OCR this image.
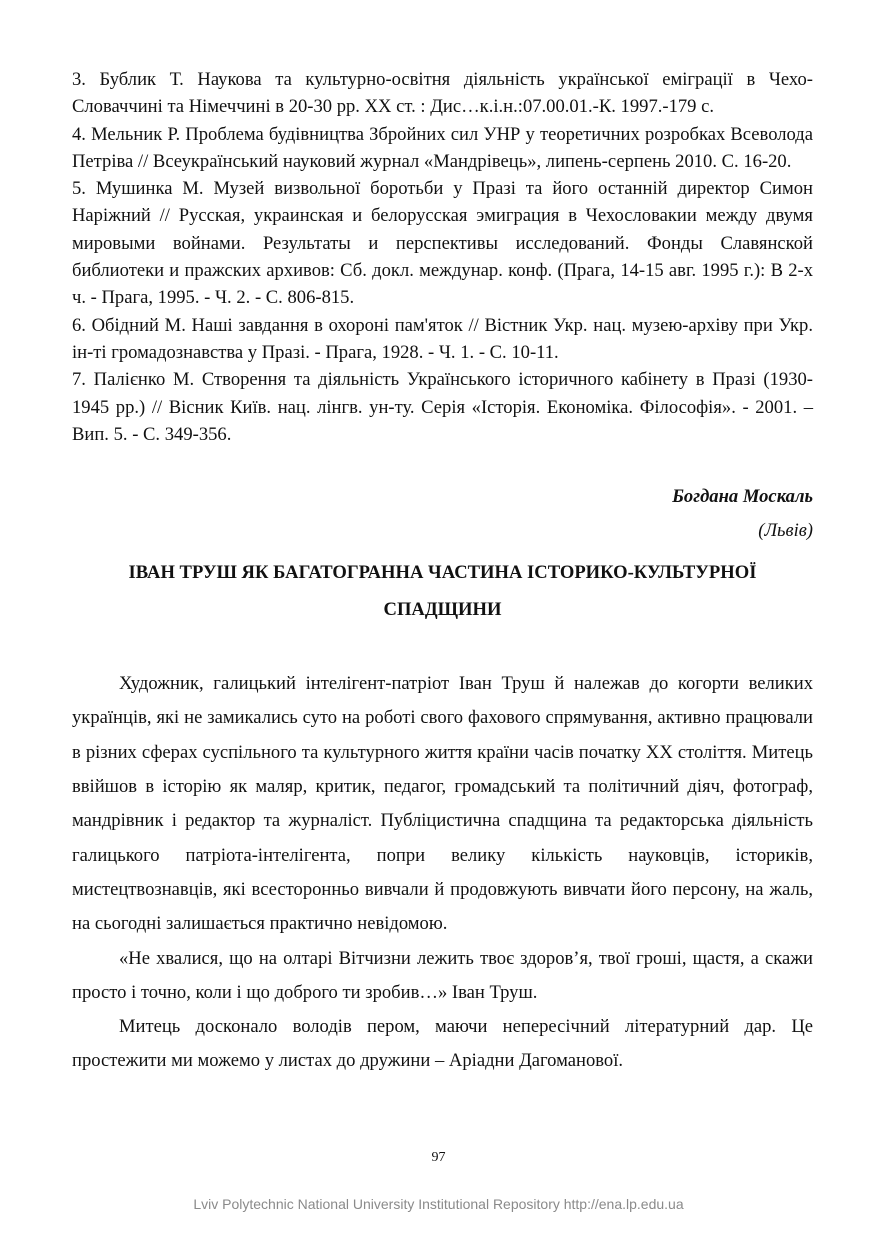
3. Бублик Т. Наукова та культурно-освітня діяльність української еміграції в Чехо-Словаччині та Німеччині в 20-30 рр. ХХ ст. : Дис…к.і.н.:07.00.01.-К. 1997.-179 с.

4. Мельник Р. Проблема будівництва Збройних сил УНР у теоретичних розробках Всеволода Петріва // Всеукраїнський науковий журнал «Мандрівець», липень-серпень 2010. С. 16-20.

5. Мушинка М. Музей визвольної боротьби у Празі та його останній директор Симон Наріжний // Русская, украинская и белорусская эмиграция в Чехословакии между двумя мировыми войнами. Результаты и перспективы исследований. Фонды Славянской библиотеки и пражских архивов: Сб. докл. междунар. конф. (Прага, 14-15 авг. 1995 г.): В 2-х ч. - Прага, 1995. - Ч. 2. - С. 806-815.

6. Обідний М. Наші завдання в охороні пам'яток // Вістник Укр. нац. музею-архіву при Укр. ін-ті громадознавства у Празі. - Прага, 1928. - Ч. 1. - С. 10-11.

7. Палієнко М. Створення та діяльність Українського історичного кабінету в Празі (1930-1945 рр.) // Вісник Київ. нац. лінгв. ун-ту. Серія «Історія. Економіка. Філософія». - 2001. – Вип. 5. - С. 349-356.

Богдана Москаль
(Львів)
ІВАН ТРУШ ЯК БАГАТОГРАННА ЧАСТИНА ІСТОРИКО-КУЛЬТУРНОЇ СПАДЩИНИ

Художник, галицький інтелігент-патріот Іван Труш й належав до когорти великих українців, які не замикались суто на роботі свого фахового спрямування, активно працювали в різних сферах суспільного та культурного життя країни часів початку ХХ століття. Митець ввійшов в історію як маляр, критик, педагог, громадський та політичний діяч, фотограф, мандрівник і редактор та журналіст. Публіцистична спадщина та редакторська діяльність галицького патріота-інтелігента, попри велику кількість науковців, істориків, мистецтвознавців, які всесторонньо вивчали й продовжують вивчати його персону, на жаль, на сьогодні залишається практично невідомою.

«Не хвалися, що на олтарі Вітчизни лежить твоє здоров’я, твої гроші, щастя, а скажи просто і точно, коли і що доброго ти зробив…» Іван Труш.

Митець досконало володів пером, маючи непересічний літературний дар. Це простежити ми можемо у листах до дружини – Аріадни Дагоманової.

97
Lviv Polytechnic National University Institutional Repository http://ena.lp.edu.ua
